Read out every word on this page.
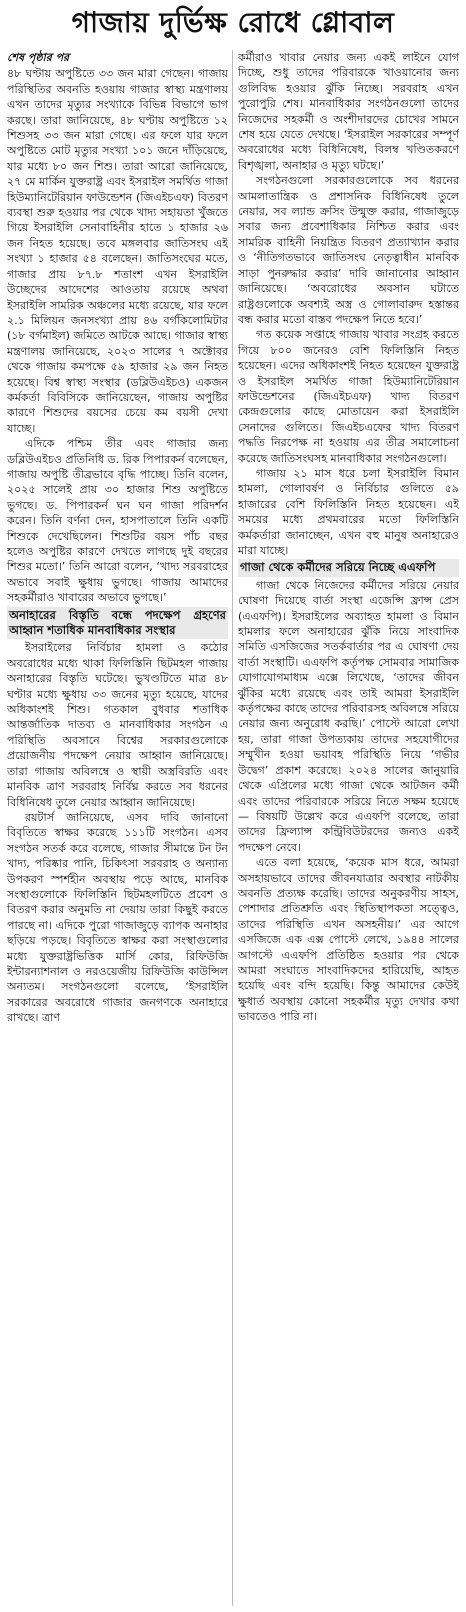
গাজায় দুর্ভিক্ষ রোধে গ্লোবাল

শেষ পৃষ্ঠার পর

৪৮ ঘণ্টায় অপুষ্টিতে ৩৩ জন মারা গেছেন। গাজায় পরিস্থিতির অবনতি হওয়ায় গাজার স্বাস্থ্য মন্ত্রণালয় এখন তাদের মৃত্যুর সংখ্যাকে বিভিন্ন বিভাগে ভাগ করছে। তারা জানিয়েছে, ৪৮ ঘণ্টায় অপুষ্টিতে ১২ শিশুসহ ৩৩ জন মারা গেছে। এর ফলে যার ফলে অপুষ্টিতে মোট মৃত্যুর সংখ্যা ১০১ জনে দাঁড়িয়েছে, যার মধ্যে ৮০ জন শিশু। তারা আরো জানিয়েছে, ২৭ মে মার্কিন যুক্তরাষ্ট্র এবং ইসরাইল সমর্থিত গাজা হিউম্যানিটেরিয়ান ফাউন্ডেশন (জিএইচএফ) বিতরণ ব্যবস্থা শুরু হওয়ার পর থেকে খাদ্য সহায়তা খুঁজতে গিয়ে ইসরাইলি সেনাবাহিনীর হাতে ১ হাজার ২৬ জন নিহত হয়েছে। তবে মঙ্গলবার জাতিসংঘ এই সংখ্যা ১ হাজার ৫৪ বলেছেন। জাতিসংঘের মতে, গাজার প্রায় ৮৭.৮ শতাংশ এখন ইসরাইলি উচ্ছেদের আদেশের আওতায় রয়েছে অথবা ইসরাইলি সামরিক অঞ্চলের মধ্যে রয়েছে, যার ফলে ২.১ মিলিয়ন জনসংখ্যা প্রায় ৪৬ বর্গকিলোমিটার (১৮ বর্গমাইল) জমিতে আটকে আছে। গাজার স্বাস্থ্য মন্ত্রণালয় জানিয়েছে, ২০২৩ সালের ৭ অক্টোবর থেকে গাজায় কমপক্ষে ৫৯ হাজার ২৯ জন নিহত হয়েছে। বিশ্ব স্বাস্থ্য সংস্থার (ডব্লিউএইচও) একজন কর্মকর্তা বিবিসিকে জানিয়েছেন, গাজায় অপুষ্টির কারণে শিশুদের বয়সের চেয়ে কম বয়সী দেখা যাচ্ছে।

এদিকে পশ্চিম তীর এবং গাজার জন্য ডব্লিউএইচও প্রতিনিধি ড. রিক পিপারকর্ন বলেছেন, গাজায় অপুষ্টি তীব্রভাবে বৃদ্ধি পাচ্ছে। তিনি বলেন, ২০২৫ সালেই প্রায় ৩০ হাজার শিশু অপুষ্টিতে ভুগছে। ড. পিপারকর্ন ঘন ঘন গাজা পরিদর্শন করেন। তিনি বর্ণনা দেন, হাসপাতালে তিনি একটি শিশুকে দেখেছিলেন। শিশুটির বয়স পাঁচ বছর হলেও অপুষ্টির কারণে দেখতে লাগছে দুই বছরের শিশুর মতো।’ তিনি আরো বলেন, ‘খাদ্য সরবরাহের অভাবে সবাই ক্ষুধায় ভুগছে। গাজায় আমাদের সহকর্মীরাও খাবারের অভাবে ভুগছে।’

অনাহারের বিস্তৃতি বন্ধে পদক্ষেপ গ্রহণের আহ্বান শতাধিক মানবাধিকার সংস্থার

ইসরাইলের নির্বিচার হামলা ও কঠোর অবরোধের মধ্যে থাকা ফিলিস্তিনি ছিটমহল গাজায় অনাহারের বিস্তৃতি ঘটেছে। ভুখণ্ডটিতে মাত্র ৪৮ ঘণ্টার মধ্যে ক্ষুধায় ৩৩ জনের মৃত্যু হয়েছে, যাদের অধিকাংশই শিশু। গতকাল বুধবার শতাধিক আন্তর্জাতিক দাতব্য ও মানবাধিকার সংগঠন এ পরিস্থিতি অবসানে বিশ্বের সরকারগুলোকে প্রয়োজনীয় পদক্ষেপ নেয়ার আহ্বান জানিয়েছে। তারা গাজায় অবিলম্বে ও স্থায়ী অস্ত্রবিরতি এবং মানবিক ত্রাণ সরবরাহ নির্বিঘ্ন করতে সব ধরনের বিধিনিষেধ তুলে নেয়ার আহ্বান জানিয়েছে।

রয়টার্স জানিয়েছে, এসব দাবি জানানো বিবৃতিতে স্বাক্ষর করেছে ১১১টি সংগঠন। এসব সংগঠন সতর্ক করে বলেছে, গাজার সীমান্তে টন টন খাদ্য, পরিষ্কার পানি, চিকিৎসা সরবরাহ ও অন্যান্য উপকরণ স্পর্শহীন অবস্থায় পড়ে আছে, মানবিক সংস্থাগুলোকে ফিলিস্তিনি ছিটমহলটিতে প্রবেশ ও বিতরণ করার অনুমতি না দেয়ায় তারা কিছুই করতে পারছে না। এদিকে পুরো গাজাজুড়ে ব্যাপক অনাহার ছড়িয়ে পড়ছে। বিবৃতিতে স্বাক্ষর করা সংস্থাগুলোর মধ্যে যুক্তরাষ্ট্রভিত্তিক মার্সি কোর, রিফিউজি ইন্টারন্যাশনাল ও নরওয়েজীয় রিফিউজি কাউন্সিল অন্যতম। সংগঠনগুলো বলেছে, ‘ইসরাইলি সরকারের অবরোধে গাজার জনগণকে অনাহারে রাখছে। ত্রাণ

কর্মীরাও খাবার নেয়ার জন্য একই লাইনে যোগ দিচ্ছে, শুধু তাদের পরিবারকে খাওয়ানোর জন্য গুলিবিদ্ধ হওয়ার ঝুঁকি নিচ্ছে। সরবরাহ এখন পুরোপুরি শেষ। মানবাধিকার সংগঠনগুলো তাদের নিজেদের সহকর্মী ও অংশীদারদের চোখের সামনে শেষ হয়ে যেতে দেখছে। ‘ইসরাইল সরকারের সম্পূর্ণ অবরোধের মধ্যে বিধিনিষেধ, বিলম্ব খণ্ডিতকরণে বিশৃঙ্খলা, অনাহার ও মৃত্যু ঘটছে।’

সংগঠনগুলো সরকারগুলোকে সব ধরনের আমলাতান্ত্রিক ও প্রশাসনিক বিধিনিষেধ তুলে নেয়ার, সব ল্যান্ড ক্রসিং উন্মুক্ত করার, গাজাজুড়ে সবার জন্য প্রবেশাধিকার নিশ্চিত করার এবং সামরিক বাহিনী নিয়ন্ত্রিত বিতরণ প্রত্যাখ্যান করার ও ‘নীতিগতভাবে জাতিসংঘ নেতৃত্বাধীন মানবিক সাড়া পুনরুদ্ধার করার’ দাবি জানানোর আহ্বান জানিয়েছে। ‘অবরোধের অবসান ঘটাতে রাষ্ট্রগুলোকে অবশ্যই অস্ত্র ও গোলাবারুদ হস্তান্তর বন্ধ করার মতো বাস্তব পদক্ষেপ নিতে হবে।’

গত কয়েক সপ্তাহে গাজায় খাবার সংগ্রহ করতে গিয়ে ৮০০ জনেরও বেশি ফিলিস্তিনি নিহত হয়েছেন। এদের অধিকাংশই নিহত হয়েছেন যুক্তরাষ্ট্র ও ইসরাইল সমর্থিত গাজা হিউম্যানিটেরিয়ান ফাউন্ডেশনের (জিএইচএফ) খাদ্য বিতরণ কেন্দ্রগুলোর কাছে মোতায়েন করা ইসরাইলি সেনাদের গুলিতে। জিএইচএফের খাদ্য বিতরণ পদ্ধতি নিরপেক্ষ না হওয়ায় এর তীব্র সমালোচনা করেছে জাতিসংঘসহ মানবাধিকার সংগঠনগুলো।

গাজায় ২১ মাস ধরে চলা ইসরাইলি বিমান হামলা, গোলাবর্ষণ ও নির্বিচার গুলিতে ৫৯ হাজারের বেশি ফিলিস্তিনি নিহত হয়েছেন। এই সময়ের মধ্যে প্রথমবারের মতো ফিলিস্তিনি কর্মকর্তারা জানাচ্ছেন, এখন বহু মানুষ অনাহারেও মারা যাচ্ছে।

গাজা থেকে কর্মীদের সরিয়ে নিচ্ছে এএফপি

গাজা থেকে নিজেদের কর্মীদের সরিয়ে নেয়ার ঘোষণা দিয়েছে বার্তা সংস্থা এজেন্সি ফ্রান্স প্রেস (এএফপি)। ইসরাইলের অব্যাহত হামলা ও বিমান হামলার ফলে অনাহারের ঝুঁকি নিয়ে সাংবাদিক সমিতি এসজিজের সতর্কবার্তার পর এ ঘোষণা দেয় বার্তা সংস্থাটি। এএফপি কর্তৃপক্ষ সোমবার সামাজিক যোগাযোগমাধ্যম এক্সে লিখেছে, ‘তাদের জীবন ঝুঁকির মধ্যে রয়েছে এবং তাই আমরা ইসরাইলি কর্তৃপক্ষের কাছে তাদের পরিবারসহ অবিলম্বে সরিয়ে নেয়ার জন্য অনুরোধ করছি।’ পোস্টে আরো লেখা হয়, তারা গাজা উপত্যকায় তাদের সহযোগীদের সম্মুখীন হওয়া ভয়াবহ পরিস্থিতি নিয়ে ‘গভীর উদ্বেগ’ প্রকাশ করেছে। ২০২৪ সালের জানুয়ারি থেকে এপ্রিলের মধ্যে গাজা থেকে আটজন কর্মী এবং তাদের পরিবারকে সরিয়ে নিতে সক্ষম হয়েছে— বিষয়টি উল্লেখ করে এএফপি বলেছে, তারা তাদের ফ্রিল্যান্স কন্ট্রিবিউটরদের জন্যও একই পদক্ষেপ নেবে।

এতে বলা হয়েছে, ‘কয়েক মাস ধরে, আমরা অসহায়ভাবে তাদের জীবনযাত্রার অবস্থার নাটকীয় অবনতি প্রত্যক্ষ করেছি। তাদের অনুকরণীয় সাহস, পেশাদার প্রতিশ্রুতি এবং স্থিতিস্থাপকতা সত্ত্বেও, তাদের পরিস্থিতি এখন অসহনীয়।’ এর আগে এসজিজে এক এক্স পোস্টে লেখে, ১৯৪৪ সালের আগস্টে এএফপি প্রতিষ্ঠিত হওয়ার পর থেকে আমরা সংঘাতে সাংবাদিকদের হারিয়েছি, আহত হয়েছি এবং বন্দি হয়েছি। কিন্তু আমাদের কেউই ক্ষুধার্ত অবস্থায় কোনো সহকর্মীর মৃত্যু দেখার কথা ভাবতেও পারি না।
